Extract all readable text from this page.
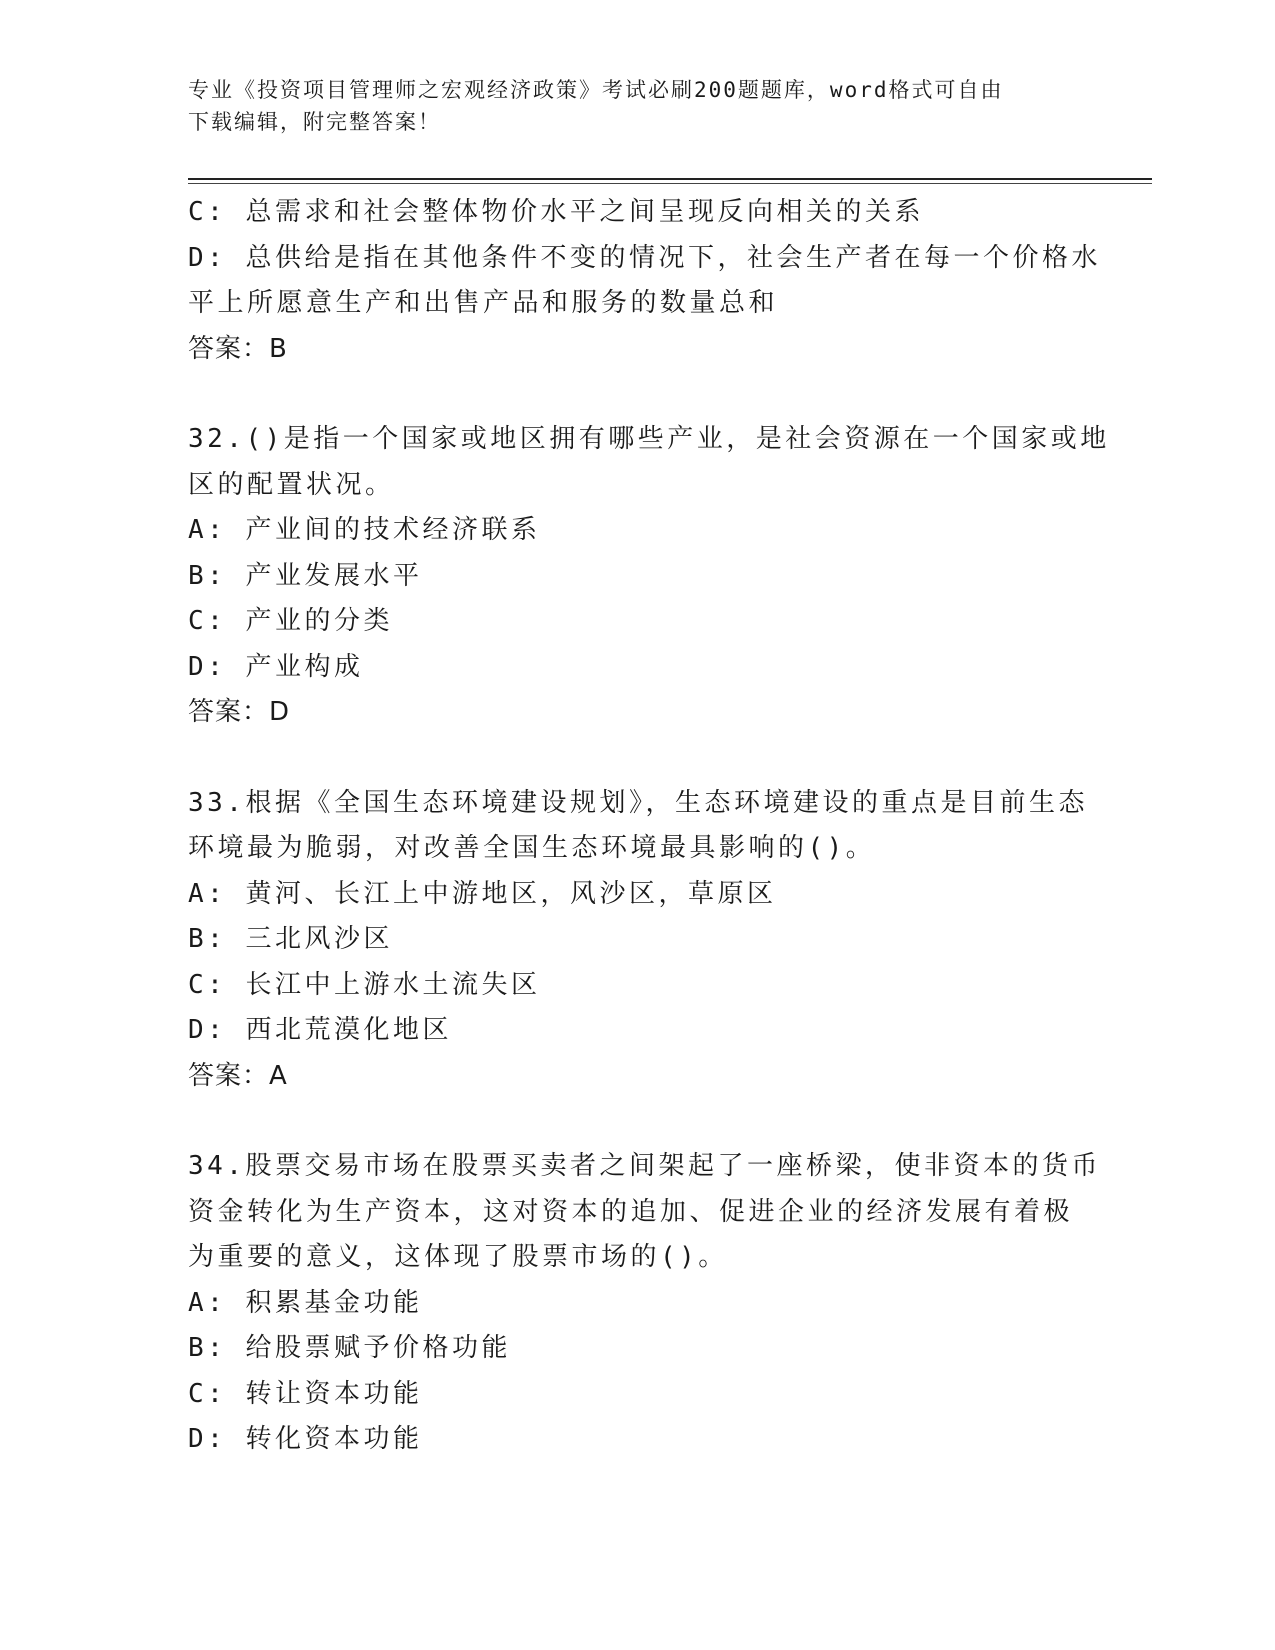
专业《投资项目管理师之宏观经济政策》考试必刷200题题库，word格式可自由
下载编辑，附完整答案！
C: 总需求和社会整体物价水平之间呈现反向相关的关系
D: 总供给是指在其他条件不变的情况下，社会生产者在每一个价格水
平上所愿意生产和出售产品和服务的数量总和
答案：B
32.()是指一个国家或地区拥有哪些产业，是社会资源在一个国家或地
区的配置状况。
A: 产业间的技术经济联系
B: 产业发展水平
C: 产业的分类
D: 产业构成
答案：D
33.根据《全国生态环境建设规划》，生态环境建设的重点是目前生态
环境最为脆弱，对改善全国生态环境最具影响的()。
A: 黄河、长江上中游地区，风沙区，草原区
B: 三北风沙区
C: 长江中上游水土流失区
D: 西北荒漠化地区
答案：A
34.股票交易市场在股票买卖者之间架起了一座桥梁，使非资本的货币
资金转化为生产资本，这对资本的追加、促进企业的经济发展有着极
为重要的意义，这体现了股票市场的()。
A: 积累基金功能
B: 给股票赋予价格功能
C: 转让资本功能
D: 转化资本功能
